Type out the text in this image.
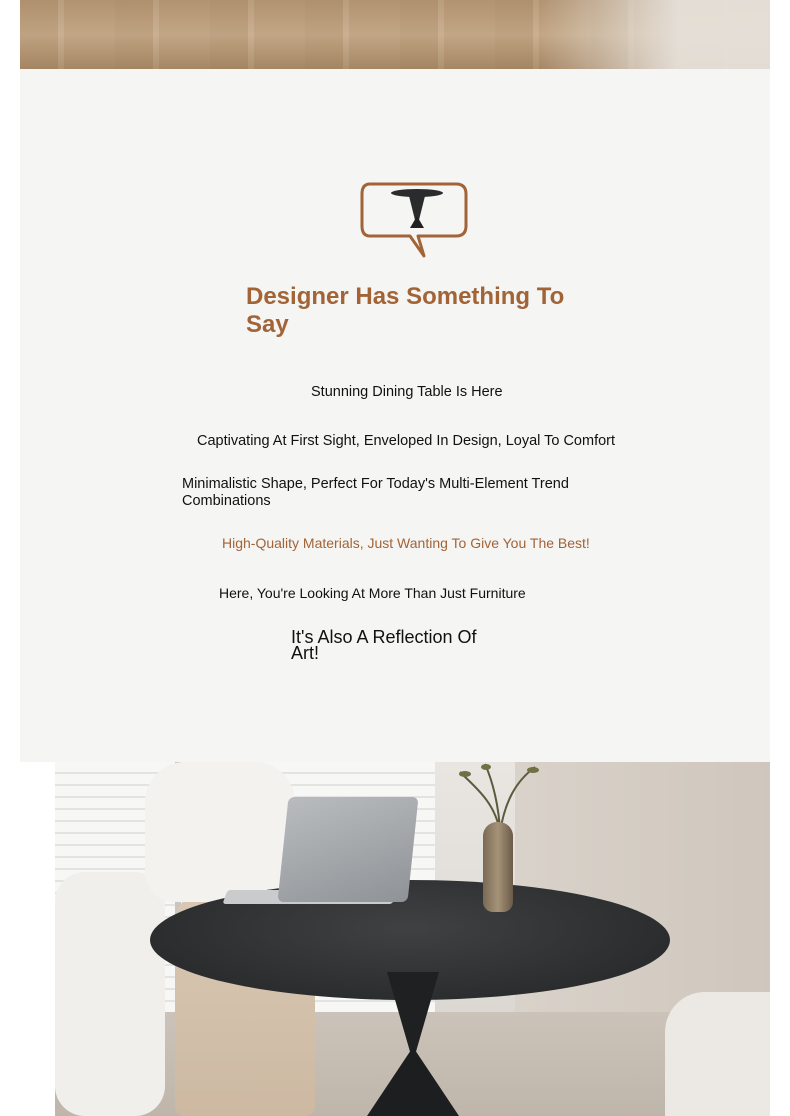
Designer Has Something To Say
Stunning Dining Table Is Here
Captivating At First Sight, Enveloped In Design, Loyal To Comfort
Minimalistic Shape, Perfect For Today's Multi-Element Trend Combinations
High-Quality Materials, Just Wanting To Give You The Best!
Here, You're Looking At More Than Just Furniture
It's Also A Reflection Of Art!
